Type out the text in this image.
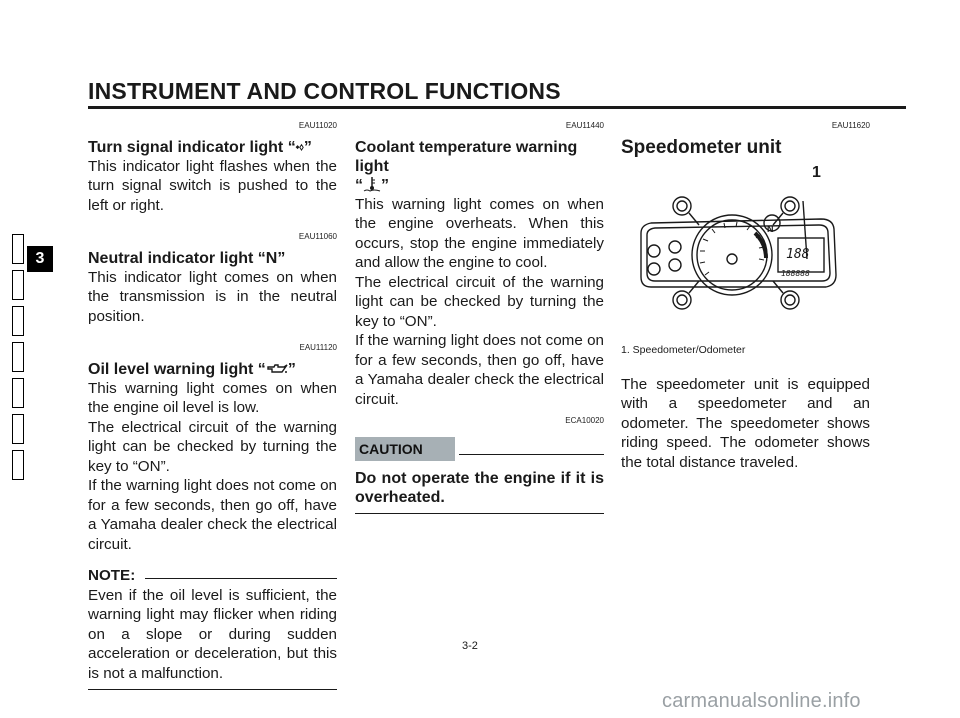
INSTRUMENT AND CONTROL FUNCTIONS
3
EAU11020
Turn signal indicator light “⬩⬨”

This indicator light flashes when the turn signal switch is pushed to the left or right.

EAU11060
Neutral indicator light “N”

This indicator light comes on when the transmission is in the neutral position.

EAU11120
Oil level warning light “ ”

This warning light comes on when the engine oil level is low.

The electrical circuit of the warning light can be checked by turning the key to “ON”.

If the warning light does not come on for a few seconds, then go off, have a Yamaha dealer check the electrical circuit.

NOTE:

Even if the oil level is sufficient, the warning light may flicker when riding on a slope or during sudden acceleration or deceleration, but this is not a malfunction.

EAU11440
Coolant temperature warning light
“ ”

This warning light comes on when the engine overheats. When this occurs, stop the engine immediately and allow the engine to cool.

The electrical circuit of the warning light can be checked by turning the key to “ON”.

If the warning light does not come on for a few seconds, then go off, have a Yamaha dealer check the electrical circuit.

ECA10020
CAUTION

Do not operate the engine if it is overheated.

EAU11620
Speedometer unit
1
N
188
188888

1. Speedometer/Odometer

The speedometer unit is equipped with a speedometer and an odometer. The speedometer shows riding speed. The odometer shows the total distance traveled.

3-2
carmanualsonline.info
